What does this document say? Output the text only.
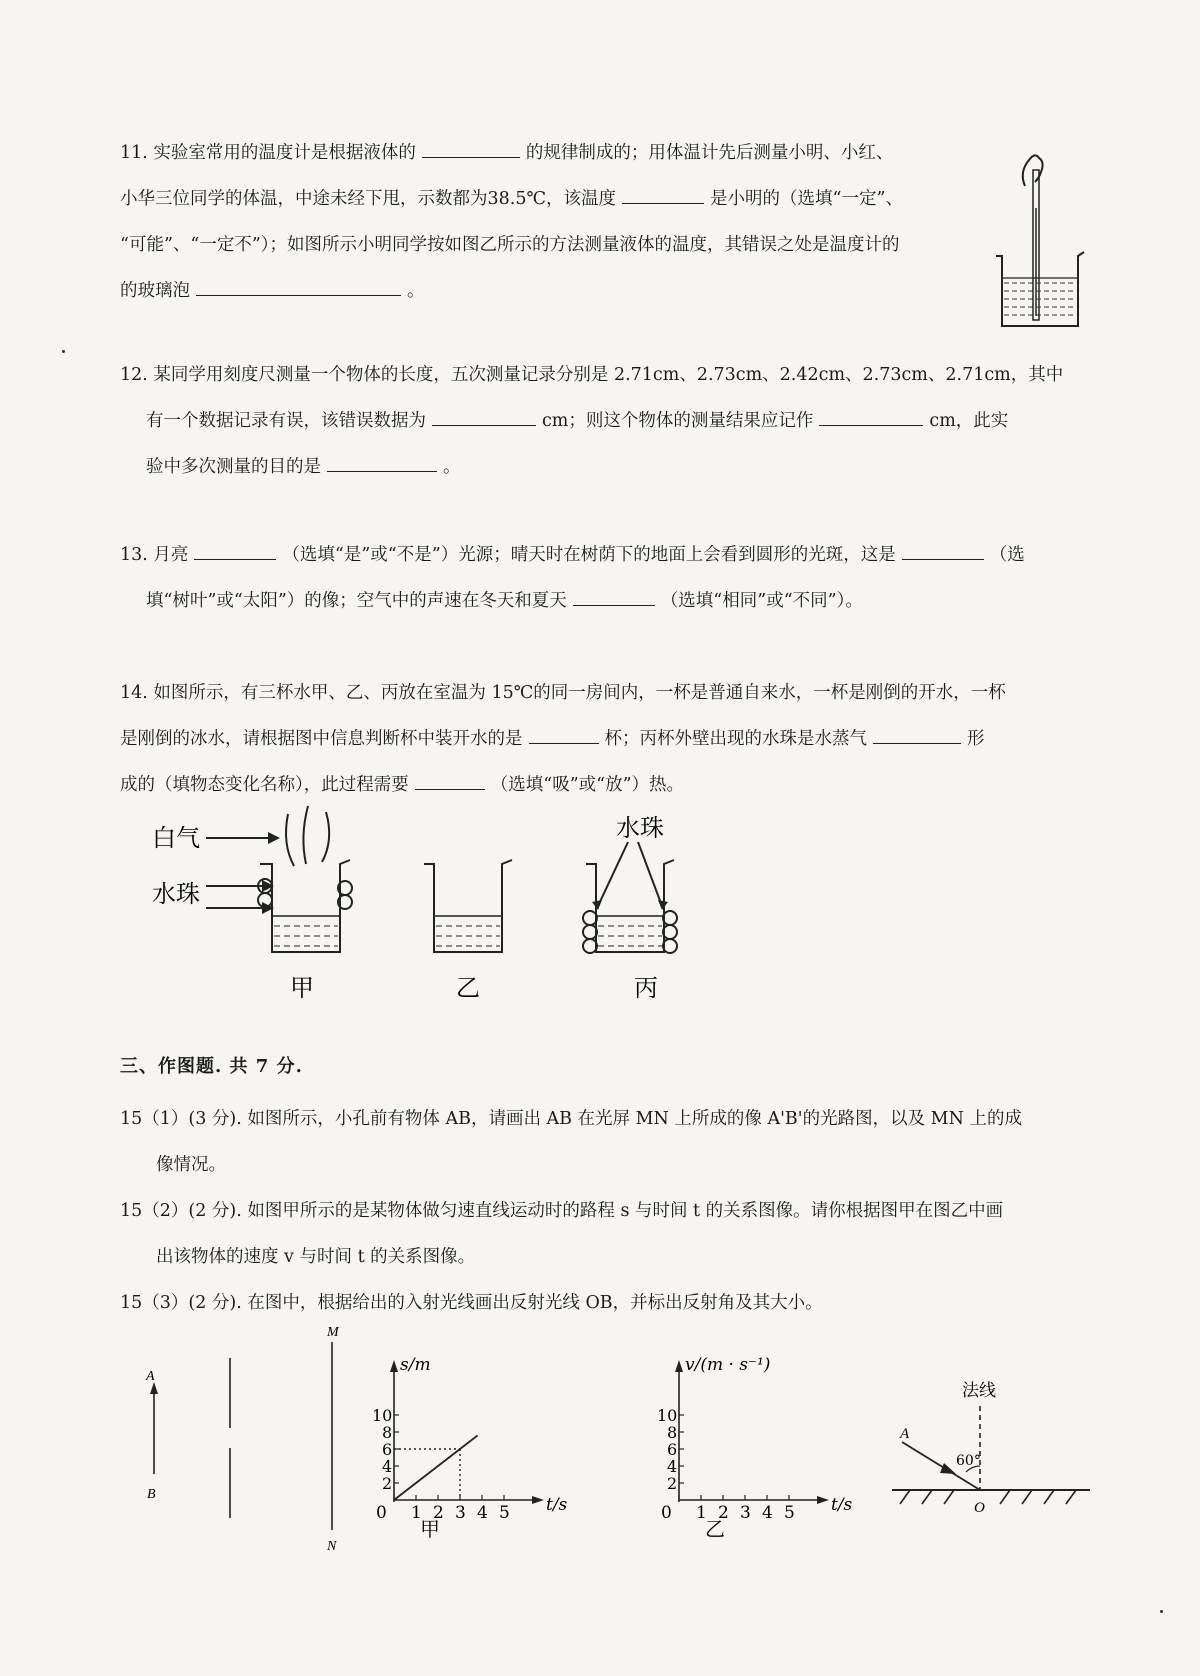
11. 实验室常用的温度计是根据液体的	的规律制成的；用体温计先后测量小明、小红、

小华三位同学的体温，中途未经下甩，示数都为38.5℃，该温度	是小明的（选填“一定”、

“可能”、“一定不”）；如图所示小明同学按如图乙所示的方法测量液体的温度，其错误之处是温度计的

的玻璃泡	。

12. 某同学用刻度尺测量一个物体的长度，五次测量记录分别是 2.71cm、2.73cm、2.42cm、2.73cm、2.71cm，其中

有一个数据记录有误，该错误数据为	cm；则这个物体的测量结果应记作	cm，此实

验中多次测量的目的是	。

13. 月亮	（选填“是”或“不是”）光源；晴天时在树荫下的地面上会看到圆形的光斑，这是	（选

填“树叶”或“太阳”）的像；空气中的声速在冬天和夏天	（选填“相同”或“不同”）。

14. 如图所示，有三杯水甲、乙、丙放在室温为 15℃的同一房间内，一杯是普通自来水，一杯是刚倒的开水，一杯

是刚倒的冰水，请根据图中信息判断杯中装开水的是	杯；丙杯外壁出现的水珠是水蒸气	形

成的（填物态变化名称），此过程需要	（选填“吸”或“放”）热。

白气
水珠
甲	乙
水珠
丙
三、作图题. 共 7 分.

15（1）(3 分). 如图所示，小孔前有物体 AB，请画出 AB 在光屏 MN 上所成的像 A'B'的光路图，以及 MN 上的成

像情况。

15（2）(2 分). 如图甲所示的是某物体做匀速直线运动时的路程 s 与时间 t 的关系图像。请你根据图甲在图乙中画

出该物体的速度 v 与时间 t 的关系图像。

15（3）(2 分). 在图中，根据给出的入射光线画出反射光线 OB，并标出反射角及其大小。

A
B
M
N
s/m
t/s
0 1 2 3 4 5
2
4
6
8
10
甲
v/(m · s⁻¹)
t/s
0 1 2 3 4 5
2
4
6
8
10
乙
法线
A
60°
O
